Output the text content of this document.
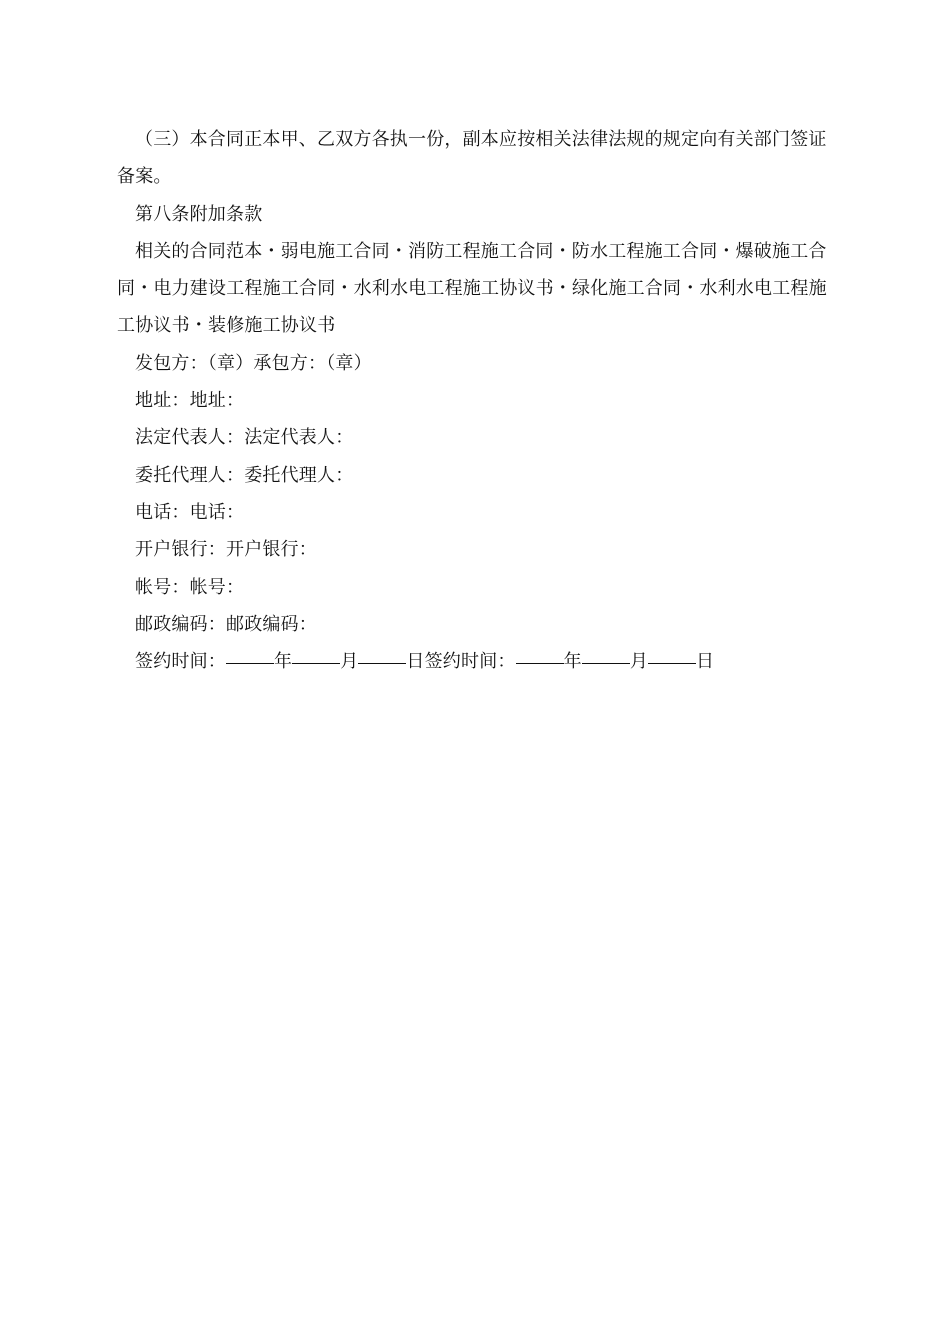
（三）本合同正本甲、乙双方各执一份，副本应按相关法律法规的规定向有关部门签证备案。

第八条附加条款

相关的合同范本・弱电施工合同・消防工程施工合同・防水工程施工合同・爆破施工合同・电力建设工程施工合同・水利水电工程施工协议书・绿化施工合同・水利水电工程施工协议书・装修施工协议书

发包方：（章）承包方：（章）

地址：地址：

法定代表人：法定代表人：

委托代理人：委托代理人：

电话：电话：

开户银行：开户银行：

帐号：帐号：

邮政编码：邮政编码：

签约时间：	年	月	日签约时间：	年	月	日
